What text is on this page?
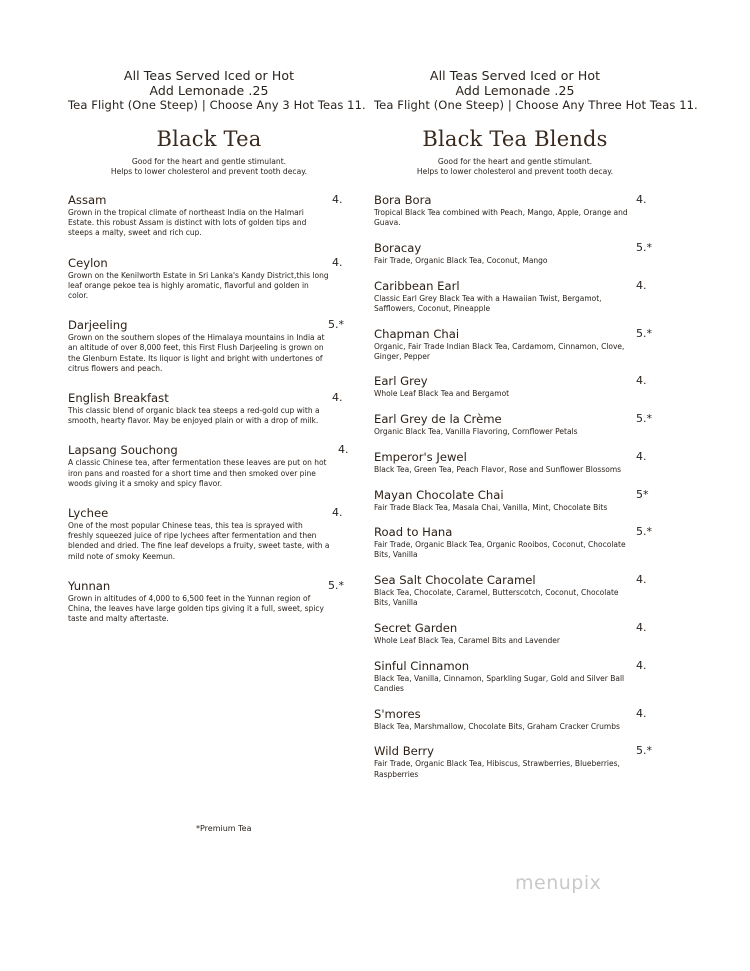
All Teas Served Iced or Hot
Add Lemonade .25
Tea Flight (One Steep) | Choose Any 3 Hot Teas 11.
Black Tea
Good for the heart and gentle stimulant.
Helps to lower cholesterol and prevent tooth decay.
Assam	4.
Grown in the tropical climate of northeast India on the Halmari Estate. this robust Assam is distinct with lots of golden tips and steeps a malty, sweet and rich cup.
Ceylon	4.
Grown on the Kenilworth Estate in Sri Lanka's Kandy District,this long leaf orange pekoe tea is highly aromatic, flavorful and golden in color.
Darjeeling	5.*
Grown on the southern slopes of the Himalaya mountains in India at an altitude of over 8,000 feet, this First Flush Darjeeling is grown on the Glenburn Estate. Its liquor is light and bright with undertones of citrus flowers and peach.
English Breakfast	4.
This classic blend of organic black tea steeps a red-gold cup with a smooth, hearty flavor. May be enjoyed plain or with a drop of milk.
Lapsang Souchong	4.
A classic Chinese tea, after fermentation these leaves are put on hot iron pans and roasted for a short time and then smoked over pine woods giving it a smoky and spicy flavor.
Lychee	4.
One of the most popular Chinese teas, this tea is sprayed with freshly squeezed juice of ripe lychees after fermentation and then blended and dried. The fine leaf develops a fruity, sweet taste, with a mild note of smoky Keemun.
Yunnan	5.*
Grown in altitudes of 4,000 to 6,500 feet in the Yunnan region of China, the leaves have large golden tips giving it a full, sweet, spicy taste and malty aftertaste.
*Premium Tea
All Teas Served Iced or Hot
Add Lemonade .25
Tea Flight (One Steep) | Choose Any Three Hot Teas 11.
Black Tea Blends
Good for the heart and gentle stimulant.
Helps to lower cholesterol and prevent tooth decay.
Bora Bora	4.
Tropical Black Tea combined with Peach, Mango, Apple, Orange and Guava.
Boracay	5.*
Fair Trade, Organic Black Tea, Coconut, Mango
Caribbean Earl	4.
Classic Earl Grey Black Tea with a Hawaiian Twist, Bergamot, Safflowers, Coconut, Pineapple
Chapman Chai	5.*
Organic, Fair Trade Indian Black Tea, Cardamom, Cinnamon, Clove, Ginger, Pepper
Earl Grey	4.
Whole Leaf Black Tea and Bergamot
Earl Grey de la Crème	5.*
Organic Black Tea, Vanilla Flavoring, Cornflower Petals
Emperor's Jewel	4.
Black Tea, Green Tea, Peach Flavor, Rose and Sunflower Blossoms
Mayan Chocolate Chai	5*
Fair Trade Black Tea, Masala Chai, Vanilla, Mint, Chocolate Bits
Road to Hana	5.*
Fair Trade, Organic Black Tea, Organic Rooibos, Coconut, Chocolate Bits, Vanilla
Sea Salt Chocolate Caramel	4.
Black Tea, Chocolate, Caramel, Butterscotch, Coconut, Chocolate Bits, Vanilla
Secret Garden	4.
Whole Leaf Black Tea, Caramel Bits and Lavender
Sinful Cinnamon	4.
Black Tea, Vanilla, Cinnamon, Sparkling Sugar, Gold and Silver Ball Candies
S'mores	4.
Black Tea, Marshmallow, Chocolate Bits, Graham Cracker Crumbs
Wild Berry	5.*
Fair Trade, Organic Black Tea, Hibiscus, Strawberries, Blueberries, Raspberries
menupix
